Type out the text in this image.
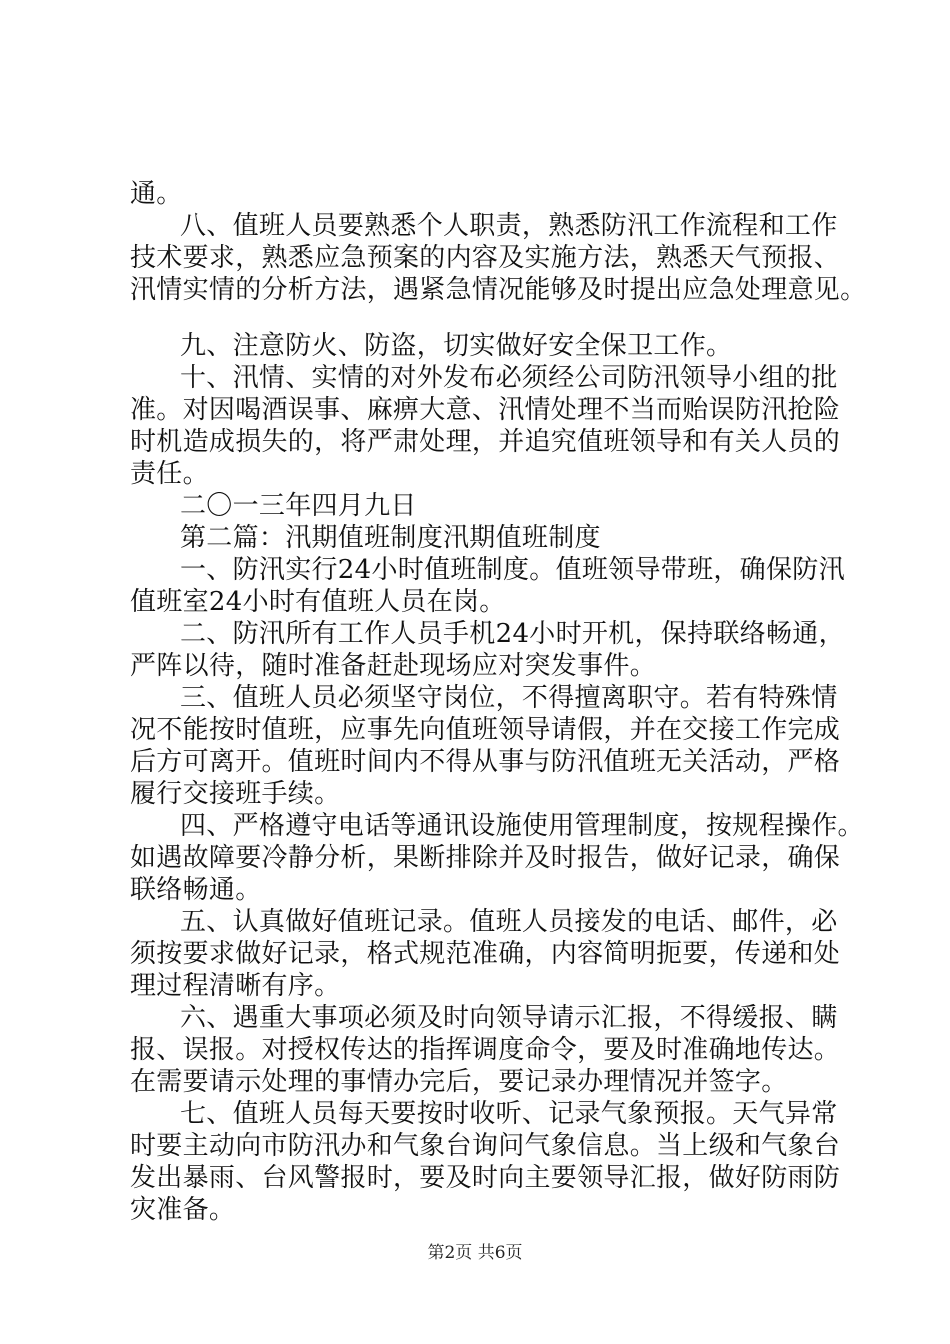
通。
八、值班人员要熟悉个人职责，熟悉防汛工作流程和工作
技术要求，熟悉应急预案的内容及实施方法，熟悉天气预报、
汛情实情的分析方法，遇紧急情况能够及时提出应急处理意见。
九、注意防火、防盗，切实做好安全保卫工作。
十、汛情、实情的对外发布必须经公司防汛领导小组的批
准。对因喝酒误事、麻痹大意、汛情处理不当而贻误防汛抢险
时机造成损失的，将严肃处理，并追究值班领导和有关人员的
责任。
二〇一三年四月九日
第二篇：汛期值班制度汛期值班制度
一、防汛实行24小时值班制度。值班领导带班，确保防汛
值班室24小时有值班人员在岗。
二、防汛所有工作人员手机24小时开机，保持联络畅通，
严阵以待，随时准备赶赴现场应对突发事件。
三、值班人员必须坚守岗位，不得擅离职守。若有特殊情
况不能按时值班，应事先向值班领导请假，并在交接工作完成
后方可离开。值班时间内不得从事与防汛值班无关活动，严格
履行交接班手续。
四、严格遵守电话等通讯设施使用管理制度，按规程操作。
如遇故障要冷静分析，果断排除并及时报告，做好记录，确保
联络畅通。
五、认真做好值班记录。值班人员接发的电话、邮件，必
须按要求做好记录，格式规范准确，内容简明扼要，传递和处
理过程清晰有序。
六、遇重大事项必须及时向领导请示汇报，不得缓报、瞒
报、误报。对授权传达的指挥调度命令，要及时准确地传达。
在需要请示处理的事情办完后，要记录办理情况并签字。
七、值班人员每天要按时收听、记录气象预报。天气异常
时要主动向市防汛办和气象台询问气象信息。当上级和气象台
发出暴雨、台风警报时，要及时向主要领导汇报，做好防雨防
灾准备。
第2页 共6页
